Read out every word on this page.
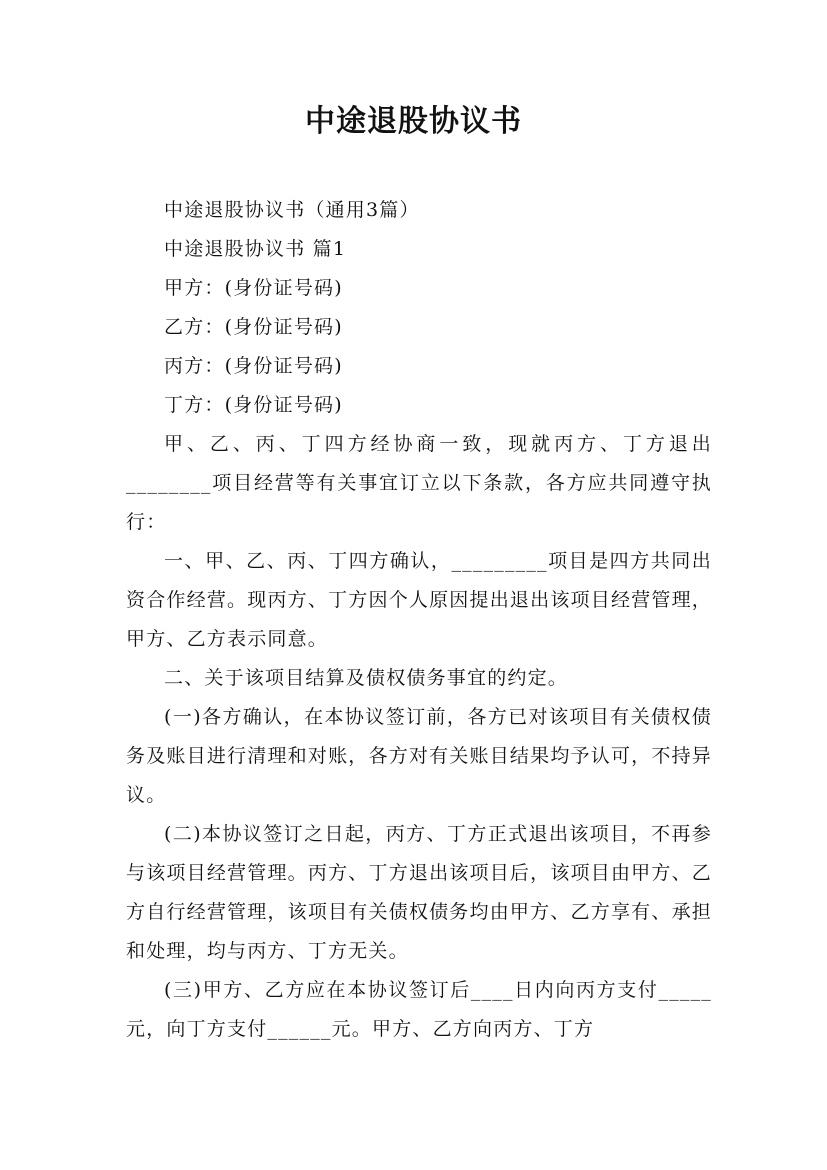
中途退股协议书

中途退股协议书（通用3篇）

中途退股协议书 篇1

甲方：(身份证号码)

乙方：(身份证号码)

丙方：(身份证号码)

丁方：(身份证号码)

甲、乙、丙、丁四方经协商一致，现就丙方、丁方退出________项目经营等有关事宜订立以下条款，各方应共同遵守执行：

一、甲、乙、丙、丁四方确认，_________项目是四方共同出资合作经营。现丙方、丁方因个人原因提出退出该项目经营管理，甲方、乙方表示同意。

二、关于该项目结算及债权债务事宜的约定。

(一)各方确认，在本协议签订前，各方已对该项目有关债权债务及账目进行清理和对账，各方对有关账目结果均予认可，不持异议。

(二)本协议签订之日起，丙方、丁方正式退出该项目，不再参与该项目经营管理。丙方、丁方退出该项目后，该项目由甲方、乙方自行经营管理，该项目有关债权债务均由甲方、乙方享有、承担和处理，均与丙方、丁方无关。

(三)甲方、乙方应在本协议签订后____日内向丙方支付_____元，向丁方支付______元。甲方、乙方向丙方、丁方
